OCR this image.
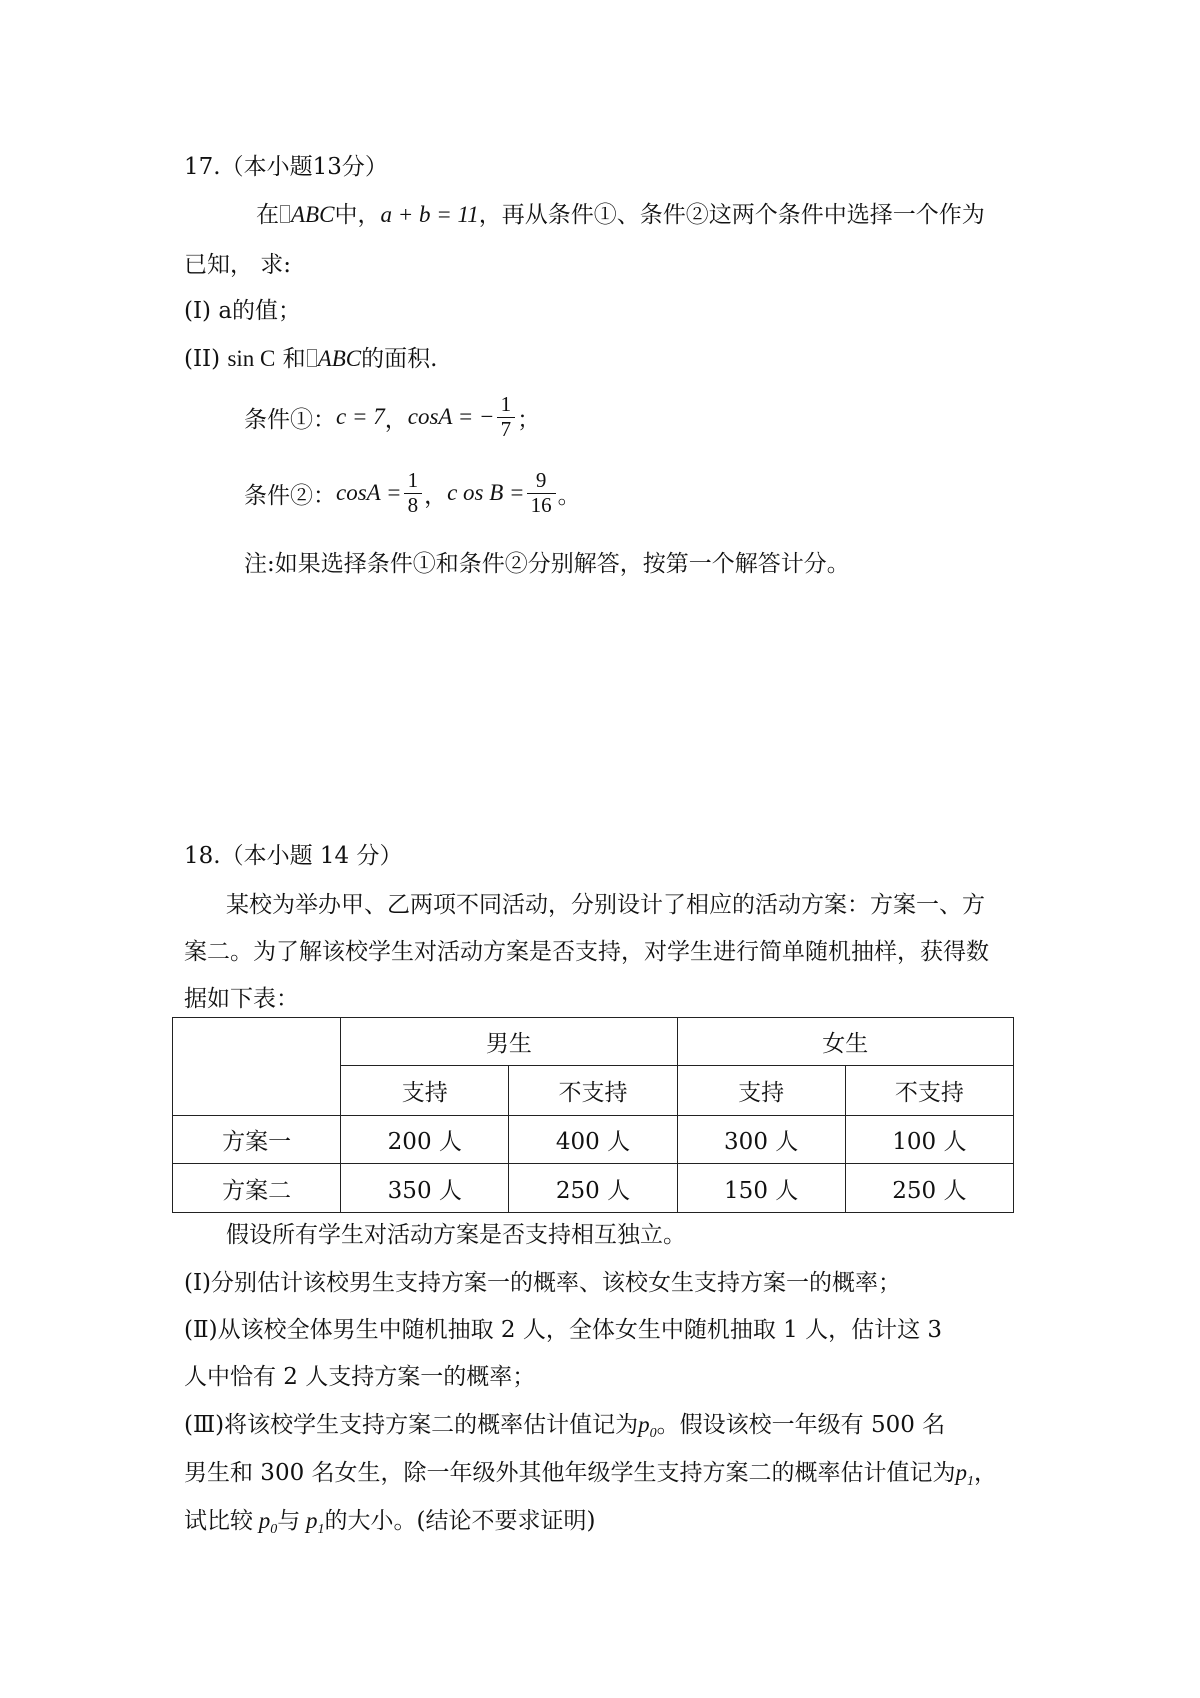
17.（本小题13分）
在 ABC中，a + b = 11，再从条件①、条件②这两个条件中选择一个作为
已知， 求:
(I) a的值；
(II) sin C 和 ABC的面积.
条件①： c = 7 ， cosA = − $\frac{1}{7}$ ；
条件②： $\cos A = \frac{1}{8}$ ， c os $B = \frac{9}{16}$ 。
注:如果选择条件①和条件②分别解答，按第一个解答计分。
18.（本小题 14 分）
某校为举办甲、乙两项不同活动，分别设计了相应的活动方案：方案一、方
案二。为了解该校学生对活动方案是否支持，对学生进行简单随机抽样，获得数
据如下表：
	男生		女生	
	支持	不支持	支持	不支持
方案一	200 人	400 人	300 人	100 人
方案二	350 人	250 人	150 人	250 人
假设所有学生对活动方案是否支持相互独立。
(Ⅰ)分别估计该校男生支持方案一的概率、该校女生支持方案一的概率；
(Ⅱ)从该校全体男生中随机抽取 2 人，全体女生中随机抽取 1 人，估计这 3
人中恰有 2 人支持方案一的概率；
(Ⅲ)将该校学生支持方案二的概率估计值记为$p_0$。假设该校一年级有 500 名
男生和 300 名女生，除一年级外其他年级学生支持方案二的概率估计值记为$p_1$，
试比较 $p_0$与 $p_1$的大小。(结论不要求证明)
